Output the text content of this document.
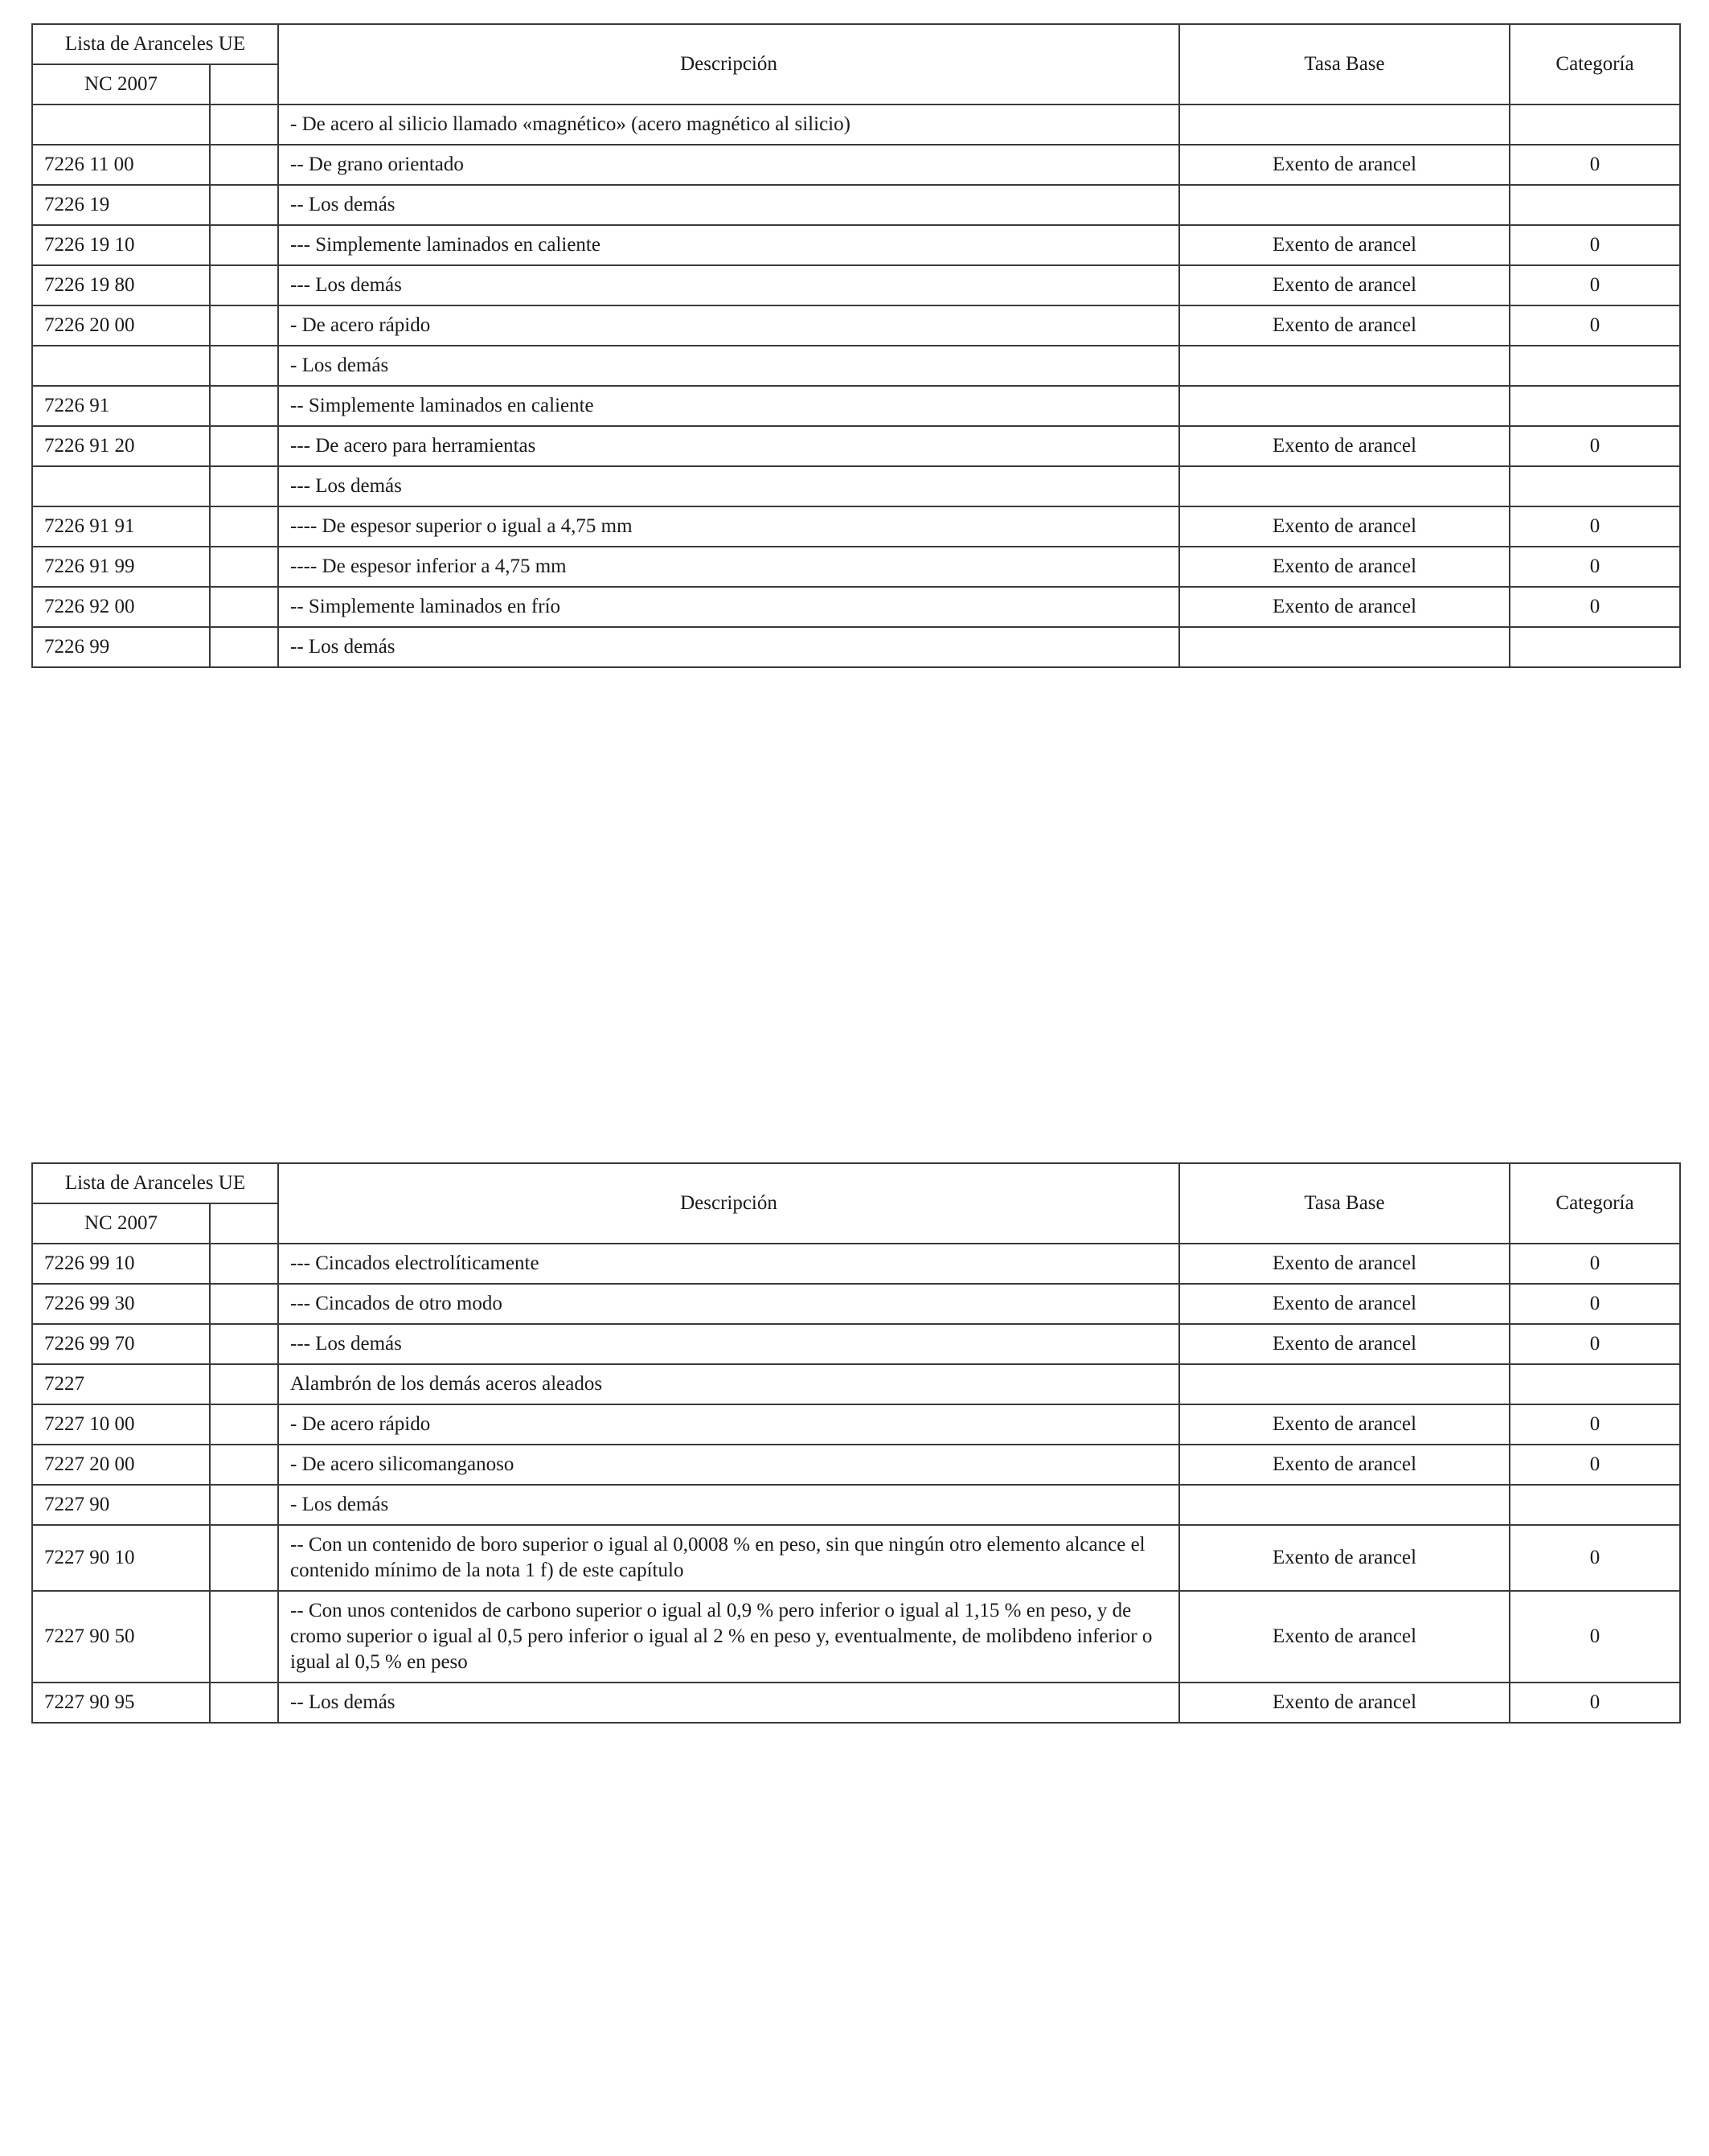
Lista de Aranceles UE		Descripción	Tasa Base	Categoría
NC 2007				
		- De acero al silicio llamado «magnético» (acero magnético al silicio)		
7226 11 00		-- De grano orientado	Exento de arancel	0
7226 19		-- Los demás		
7226 19 10		--- Simplemente laminados en caliente	Exento de arancel	0
7226 19 80		--- Los demás	Exento de arancel	0
7226 20 00		- De acero rápido	Exento de arancel	0
		- Los demás		
7226 91		-- Simplemente laminados en caliente		
7226 91 20		--- De acero para herramientas	Exento de arancel	0
		--- Los demás		
7226 91 91		---- De espesor superior o igual a 4,75 mm	Exento de arancel	0
7226 91 99		---- De espesor inferior a 4,75 mm	Exento de arancel	0
7226 92 00		-- Simplemente laminados en frío	Exento de arancel	0
7226 99		-- Los demás		
Lista de Aranceles UE		Descripción	Tasa Base	Categoría
NC 2007				
7226 99 10		--- Cincados electrolíticamente	Exento de arancel	0
7226 99 30		--- Cincados de otro modo	Exento de arancel	0
7226 99 70		--- Los demás	Exento de arancel	0
7227		Alambrón de los demás aceros aleados		
7227 10 00		- De acero rápido	Exento de arancel	0
7227 20 00		- De acero silicomanganoso	Exento de arancel	0
7227 90		- Los demás		
7227 90 10		-- Con un contenido de boro superior o igual al 0,0008 % en peso, sin que ningún otro elemento alcance el contenido mínimo de la nota 1 f) de este capítulo	Exento de arancel	0
7227 90 50		-- Con unos contenidos de carbono superior o igual al 0,9 % pero inferior o igual al 1,15 % en peso, y de cromo superior o igual al 0,5 pero inferior o igual al 2 % en peso y, eventualmente, de molibdeno inferior o igual al 0,5 % en peso	Exento de arancel	0
7227 90 95		-- Los demás	Exento de arancel	0
